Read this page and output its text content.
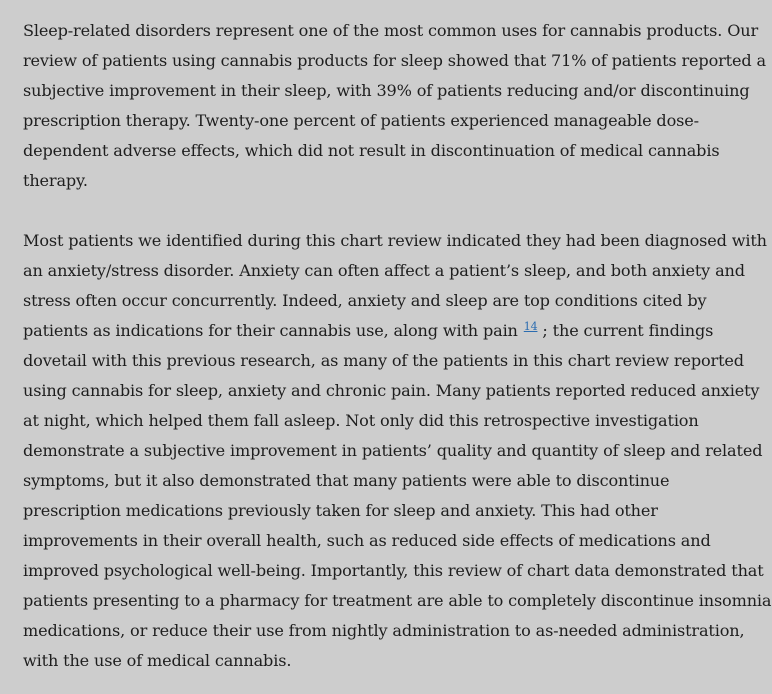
Sleep-related disorders represent one of the most common uses for cannabis products. Our
review of patients using cannabis products for sleep showed that 71% of patients reported a
subjective improvement in their sleep, with 39% of patients reducing and/or discontinuing
prescription therapy. Twenty-one percent of patients experienced manageable dose-
dependent adverse effects, which did not result in discontinuation of medical cannabis
therapy.

Most patients we identified during this chart review indicated they had been diagnosed with
an anxiety/stress disorder. Anxiety can often affect a patient’s sleep, and both anxiety and
stress often occur concurrently. Indeed, anxiety and sleep are top conditions cited by
patients as indications for their cannabis use, along with pain $^{14}$ ; the current findings
dovetail with this previous research, as many of the patients in this chart review reported
using cannabis for sleep, anxiety and chronic pain. Many patients reported reduced anxiety
at night, which helped them fall asleep. Not only did this retrospective investigation
demonstrate a subjective improvement in patients’ quality and quantity of sleep and related
symptoms, but it also demonstrated that many patients were able to discontinue
prescription medications previously taken for sleep and anxiety. This had other
improvements in their overall health, such as reduced side effects of medications and
improved psychological well-being. Importantly, this review of chart data demonstrated that
patients presenting to a pharmacy for treatment are able to completely discontinue insomnia
medications, or reduce their use from nightly administration to as-needed administration,
with the use of medical cannabis.
